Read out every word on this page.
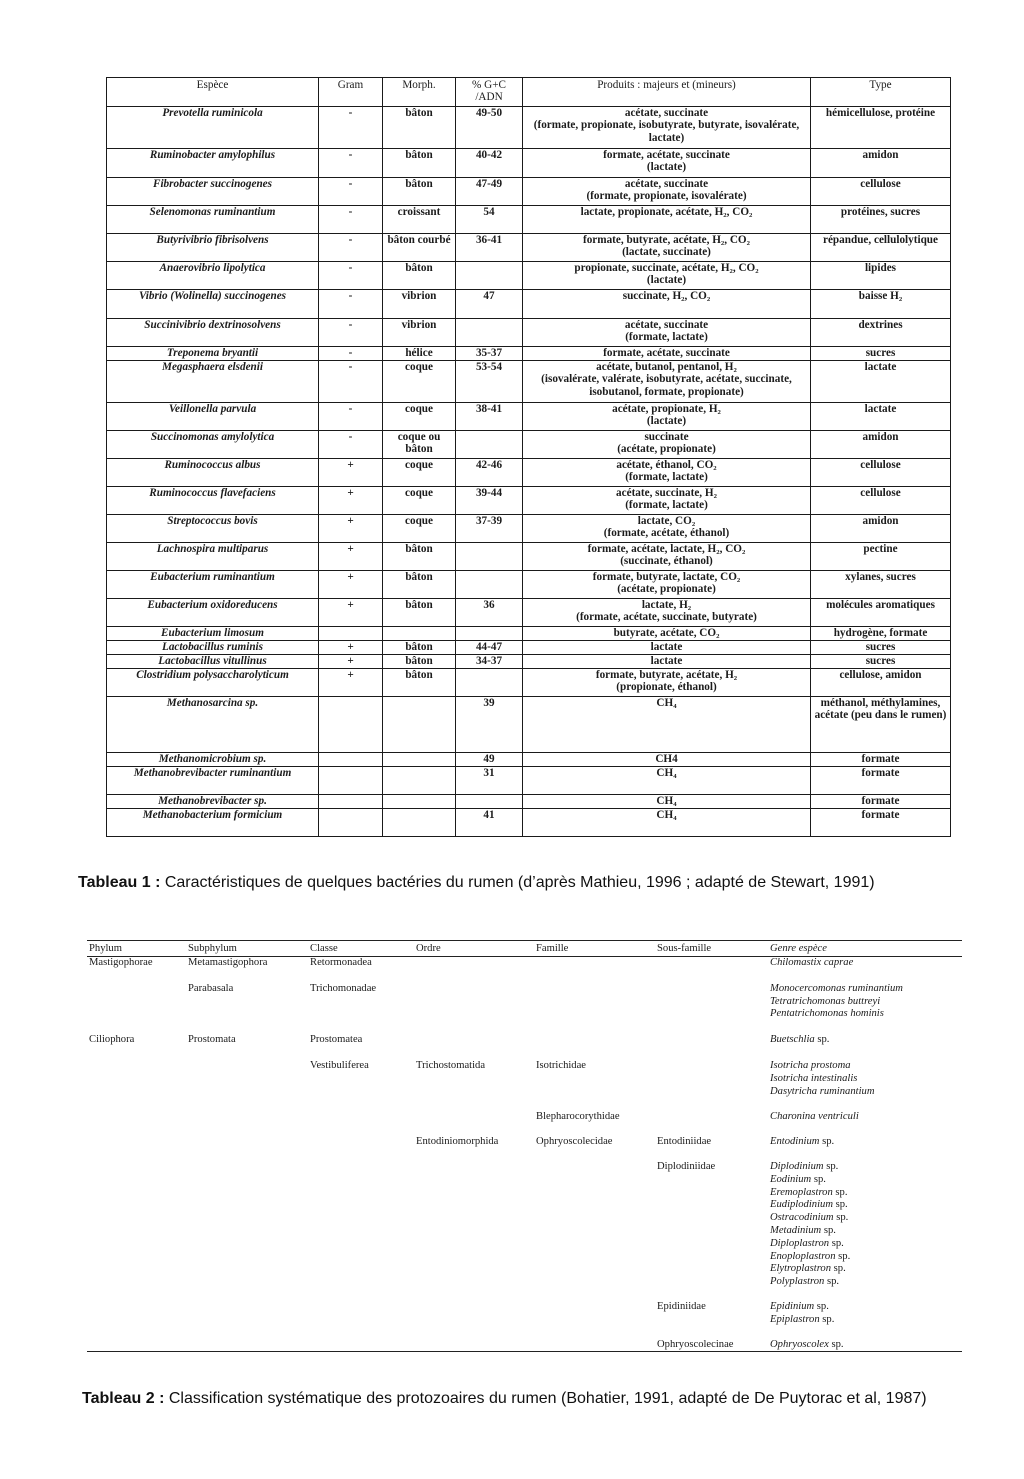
Espèce	Gram	Morph.	% G+C /ADN	Produits : majeurs et (mineurs)	Type
Prevotella ruminicola	-	bâton	49-50	acétate, succinate
(formate, propionate, isobutyrate, butyrate, isovalérate, lactate)	hémicellulose, protéine
Ruminobacter amylophilus	-	bâton	40-42	formate, acétate, succinate
(lactate)	amidon
Fibrobacter succinogenes	-	bâton	47-49	acétate, succinate
(formate, propionate, isovalérate)	cellulose
Selenomonas ruminantium	-	croissant	54	lactate, propionate, acétate, H₂, CO₂	protéines, sucres
Butyrivibrio fibrisolvens	-	bâton courbé	36-41	formate, butyrate, acétate, H₂, CO₂
(lactate, succinate)	répandue, cellulolytique
Anaerovibrio lipolytica	-	bâton		propionate, succinate, acétate, H₂, CO₂
(lactate)	lipides
Vibrio (Wolinella) succinogenes	-	vibrion	47	succinate, H₂, CO₂	baisse H₂
Succinivibrio dextrinosolvens	-	vibrion		acétate, succinate
(formate, lactate)	dextrines
Treponema bryantii	-	hélice	35-37	formate, acétate, succinate	sucres
Megasphaera elsdenii	-	coque	53-54	acétate, butanol, pentanol, H₂
(isovalérate, valérate, isobutyrate, acétate, succinate, isobutanol, formate, propionate)	lactate
Veillonella parvula	-	coque	38-41	acétate, propionate, H₂
(lactate)	lactate
Succinomonas amylolytica	-	coque ou bâton		succinate
(acétate, propionate)	amidon
Ruminococcus albus	+	coque	42-46	acétate, éthanol, CO₂
(formate, lactate)	cellulose
Ruminococcus flavefaciens	+	coque	39-44	acétate, succinate, H₂
(formate, lactate)	cellulose
Streptococcus bovis	+	coque	37-39	lactate, CO₂
(formate, acétate, éthanol)	amidon
Lachnospira multiparus	+	bâton		formate, acétate, lactate, H₂, CO₂
(succinate, éthanol)	pectine
Eubacterium ruminantium	+	bâton		formate, butyrate, lactate, CO₂
(acétate, propionate)	xylanes, sucres
Eubacterium oxidoreducens	+	bâton	36	lactate, H₂
(formate, acétate, succinate, butyrate)	molécules aromatiques
Eubacterium limosum				butyrate, acétate, CO₂	hydrogène, formate
Lactobacillus ruminis	+	bâton	44-47	lactate	sucres
Lactobacillus vitullinus	+	bâton	34-37	lactate	sucres
Clostridium polysaccharolyticum	+	bâton		formate, butyrate, acétate, H₂
(propionate, éthanol)	cellulose, amidon
Methanosarcina sp.			39	CH₄	méthanol, méthylamines, acétate (peu dans le rumen)
Methanomicrobium sp.			49	CH4	formate
Methanobrevibacter ruminantium			31	CH₄	formate
Methanobrevibacter sp.				CH₄	formate
Methanobacterium formicium			41	CH₄	formate
Tableau 1 : Caractéristiques de quelques bactéries du rumen (d’après Mathieu, 1996 ; adapté de Stewart, 1991)
Phylum	Subphylum	Classe	Ordre	Famille	Sous-famille	Genre espèce
Mastigophorae	Metamastigophora	Retormonadea				Chilomastix caprae

	Parabasala	Trichomonadae				Monocercomonas ruminantium
Tetratrichomonas buttreyi
Pentatrichomonas hominis

Ciliophora	Prostomata	Prostomatea				Buetschlia sp.

		Vestibuliferea	Trichostomatida	Isotrichidae		Isotricha prostoma
Isotricha intestinalis
Dasytricha ruminantium

				Blepharocorythidae		Charonina ventriculi

			Entodiniomorphida	Ophryoscolecidae	Entodiniidae	Entodinium sp.

					Diplodiniidae	Diplodinium sp.
Eodinium sp.
Eremoplastron sp.
Eudiplodinium sp.
Ostracodinium sp.
Metadinium sp.
Diploplastron sp.
Enoploplastron sp.
Elytroplastron sp.
Polyplastron sp.

					Epidiniidae	Epidinium sp.
Epiplastron sp.

					Ophryoscolecinae	Ophryoscolex sp.
Tableau 2 : Classification systématique des protozoaires du rumen (Bohatier, 1991, adapté de De Puytorac et al, 1987)
